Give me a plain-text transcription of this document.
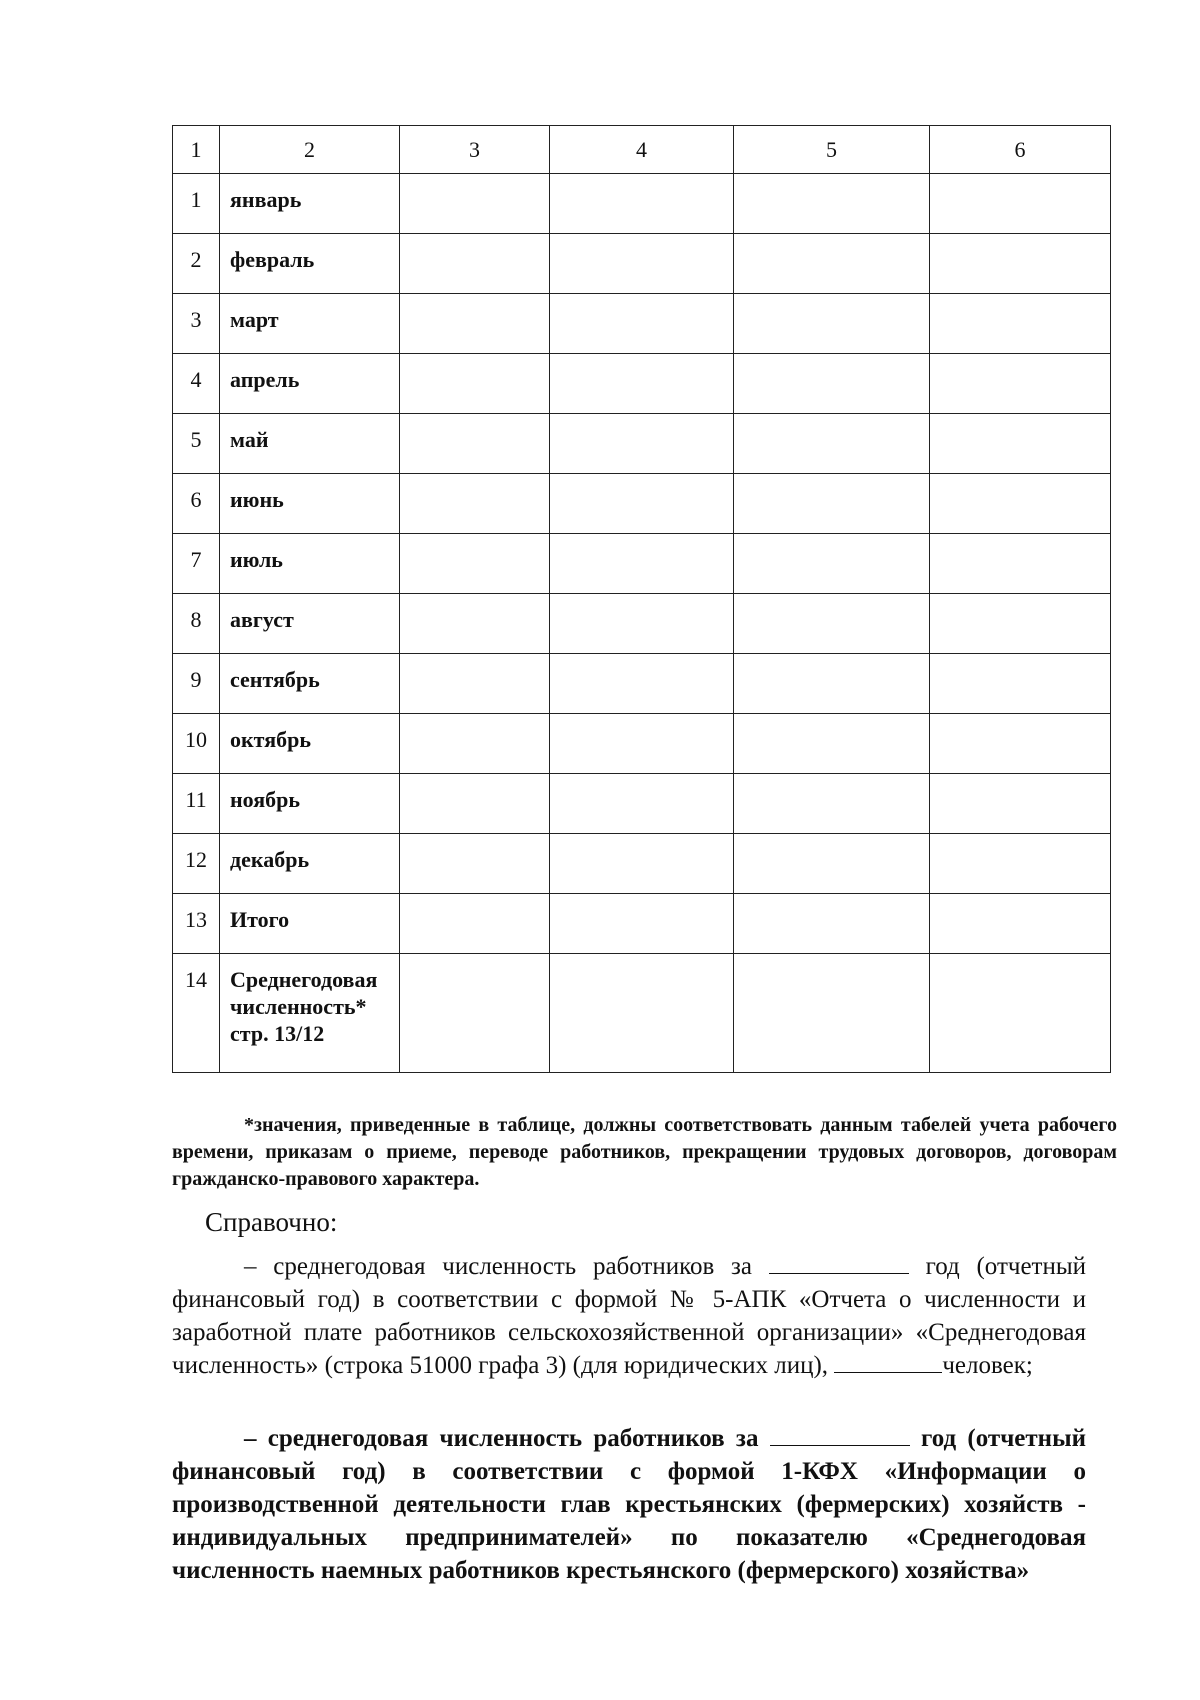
1	2	3	4	5	6

1	январь				

2	февраль				

3	март				

4	апрель				

5	май				

6	июнь				

7	июль				

8	август				

9	сентябрь				

10	октябрь				

11	ноябрь				

12	декабрь				

13	Итого				

14	Среднегодовая численность* стр. 13/12				

*значения, приведенные в таблице, должны соответствовать данным табелей учета рабочего времени, приказам о приеме, переводе работников, прекращении трудовых договоров, договорам гражданско-правового характера.
Справочно:
– среднегодовая численность работников за	год (отчетный финансовый год) в соответствии с формой № 5-АПК «Отчета о численности и заработной плате работников сельскохозяйственной организации» «Среднегодовая численность» (строка 51000 графа 3) (для юридических лиц),	человек;
– среднегодовая численность работников за	год (отчетный финансовый год) в соответствии с формой 1-КФХ «Информации о производственной деятельности глав крестьянских (фермерских) хозяйств - индивидуальных предпринимателей» по показателю «Среднегодовая численность наемных работников крестьянского (фермерского) хозяйства»
